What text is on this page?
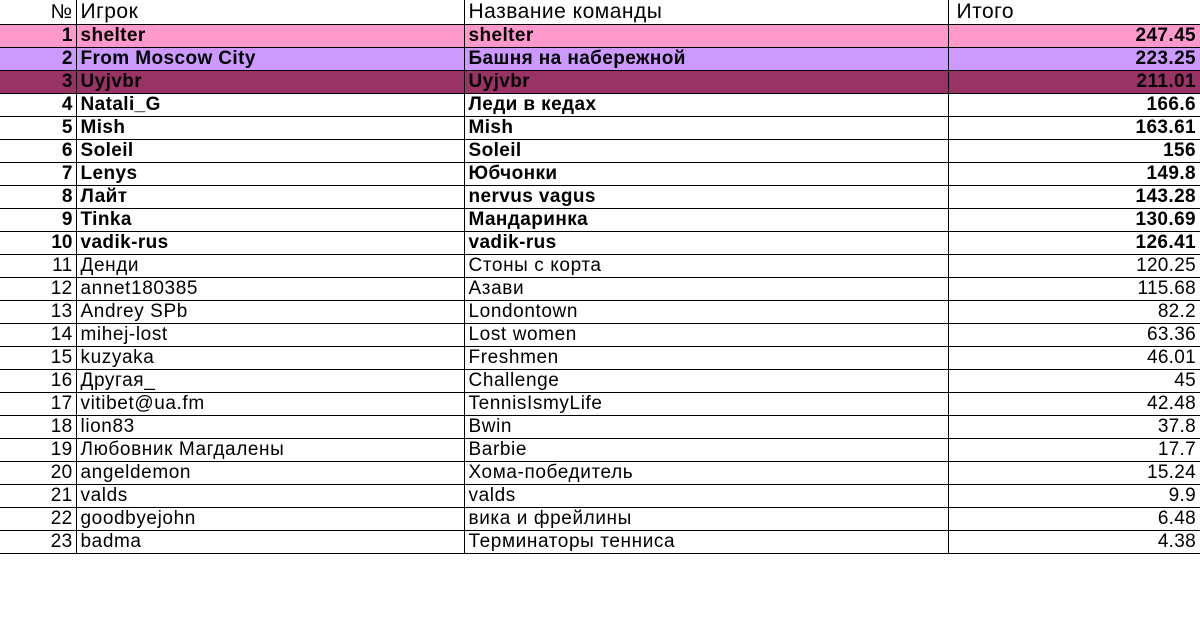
№	Игрок	Название команды	Итого
1	shelter	shelter	247.45
2	From Moscow City	Башня на набережной	223.25
3	Uyjvbr	Uyjvbr	211.01
4	Natali_G	Леди в кедах	166.6
5	Mish	Mish	163.61
6	Soleil	Soleil	156
7	Lenys	Юбчонки	149.8
8	Лайт	nervus vagus	143.28
9	Tinka	Мандаринка	130.69
10	vadik-rus	vadik-rus	126.41
11	Денди	Стоны с корта	120.25
12	annet180385	Азави	115.68
13	Andrey SPb	Londontown	82.2
14	mihej-lost	Lost women	63.36
15	kuzyaka	Freshmen	46.01
16	Другая_	Challenge	45
17	vitibet@ua.fm	TennisIsmyLife	42.48
18	lion83	Bwin	37.8
19	Любовник Магдалены	Barbie	17.7
20	angeldemon	Хома-победитель	15.24
21	valds	valds	9.9
22	goodbyejohn	вика и фрейлины	6.48
23	badma	Терминаторы тенниса	4.38
